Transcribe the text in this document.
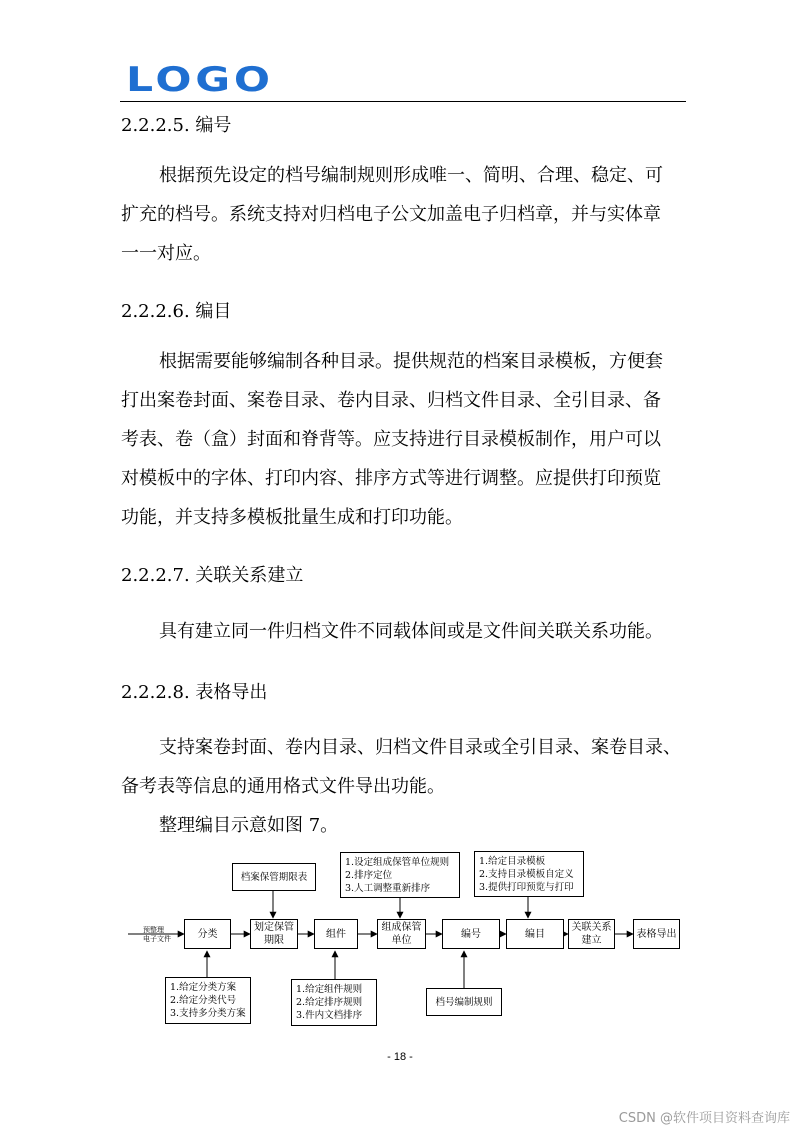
LOGO
2.2.2.5. 编号
根据预先设定的档号编制规则形成唯一、简明、合理、稳定、可
扩充的档号。系统支持对归档电子公文加盖电子归档章，并与实体章
一一对应。
2.2.2.6. 编目
根据需要能够编制各种目录。提供规范的档案目录模板，方便套
打出案卷封面、案卷目录、卷内目录、归档文件目录、全引目录、备
考表、卷（盒）封面和脊背等。应支持进行目录模板制作，用户可以
对模板中的字体、打印内容、排序方式等进行调整。应提供打印预览
功能，并支持多模板批量生成和打印功能。
2.2.2.7. 关联关系建立
具有建立同一件归档文件不同载体间或是文件间关联关系功能。
2.2.2.8. 表格导出
支持案卷封面、卷内目录、归档文件目录或全引目录、案卷目录、
备考表等信息的通用格式文件导出功能。
整理编目示意如图 7。
预整理
电子文件	分类
划定保管
期限
组件
组成保管
单位
编号	编目
关联关系
建立
表格导出
档案保管期限表
1.设定组成保管单位规则
2.排序定位
3.人工调整重新排序
1.给定目录模板
2.支持目录模板自定义
3.提供打印预览与打印
1.给定分类方案
2.给定分类代号
3.支持多分类方案
1.给定组件规则
2.给定排序规则
3.件内文档排序
档号编制规则
- 18 -
CSDN @软件项目资料查询库
